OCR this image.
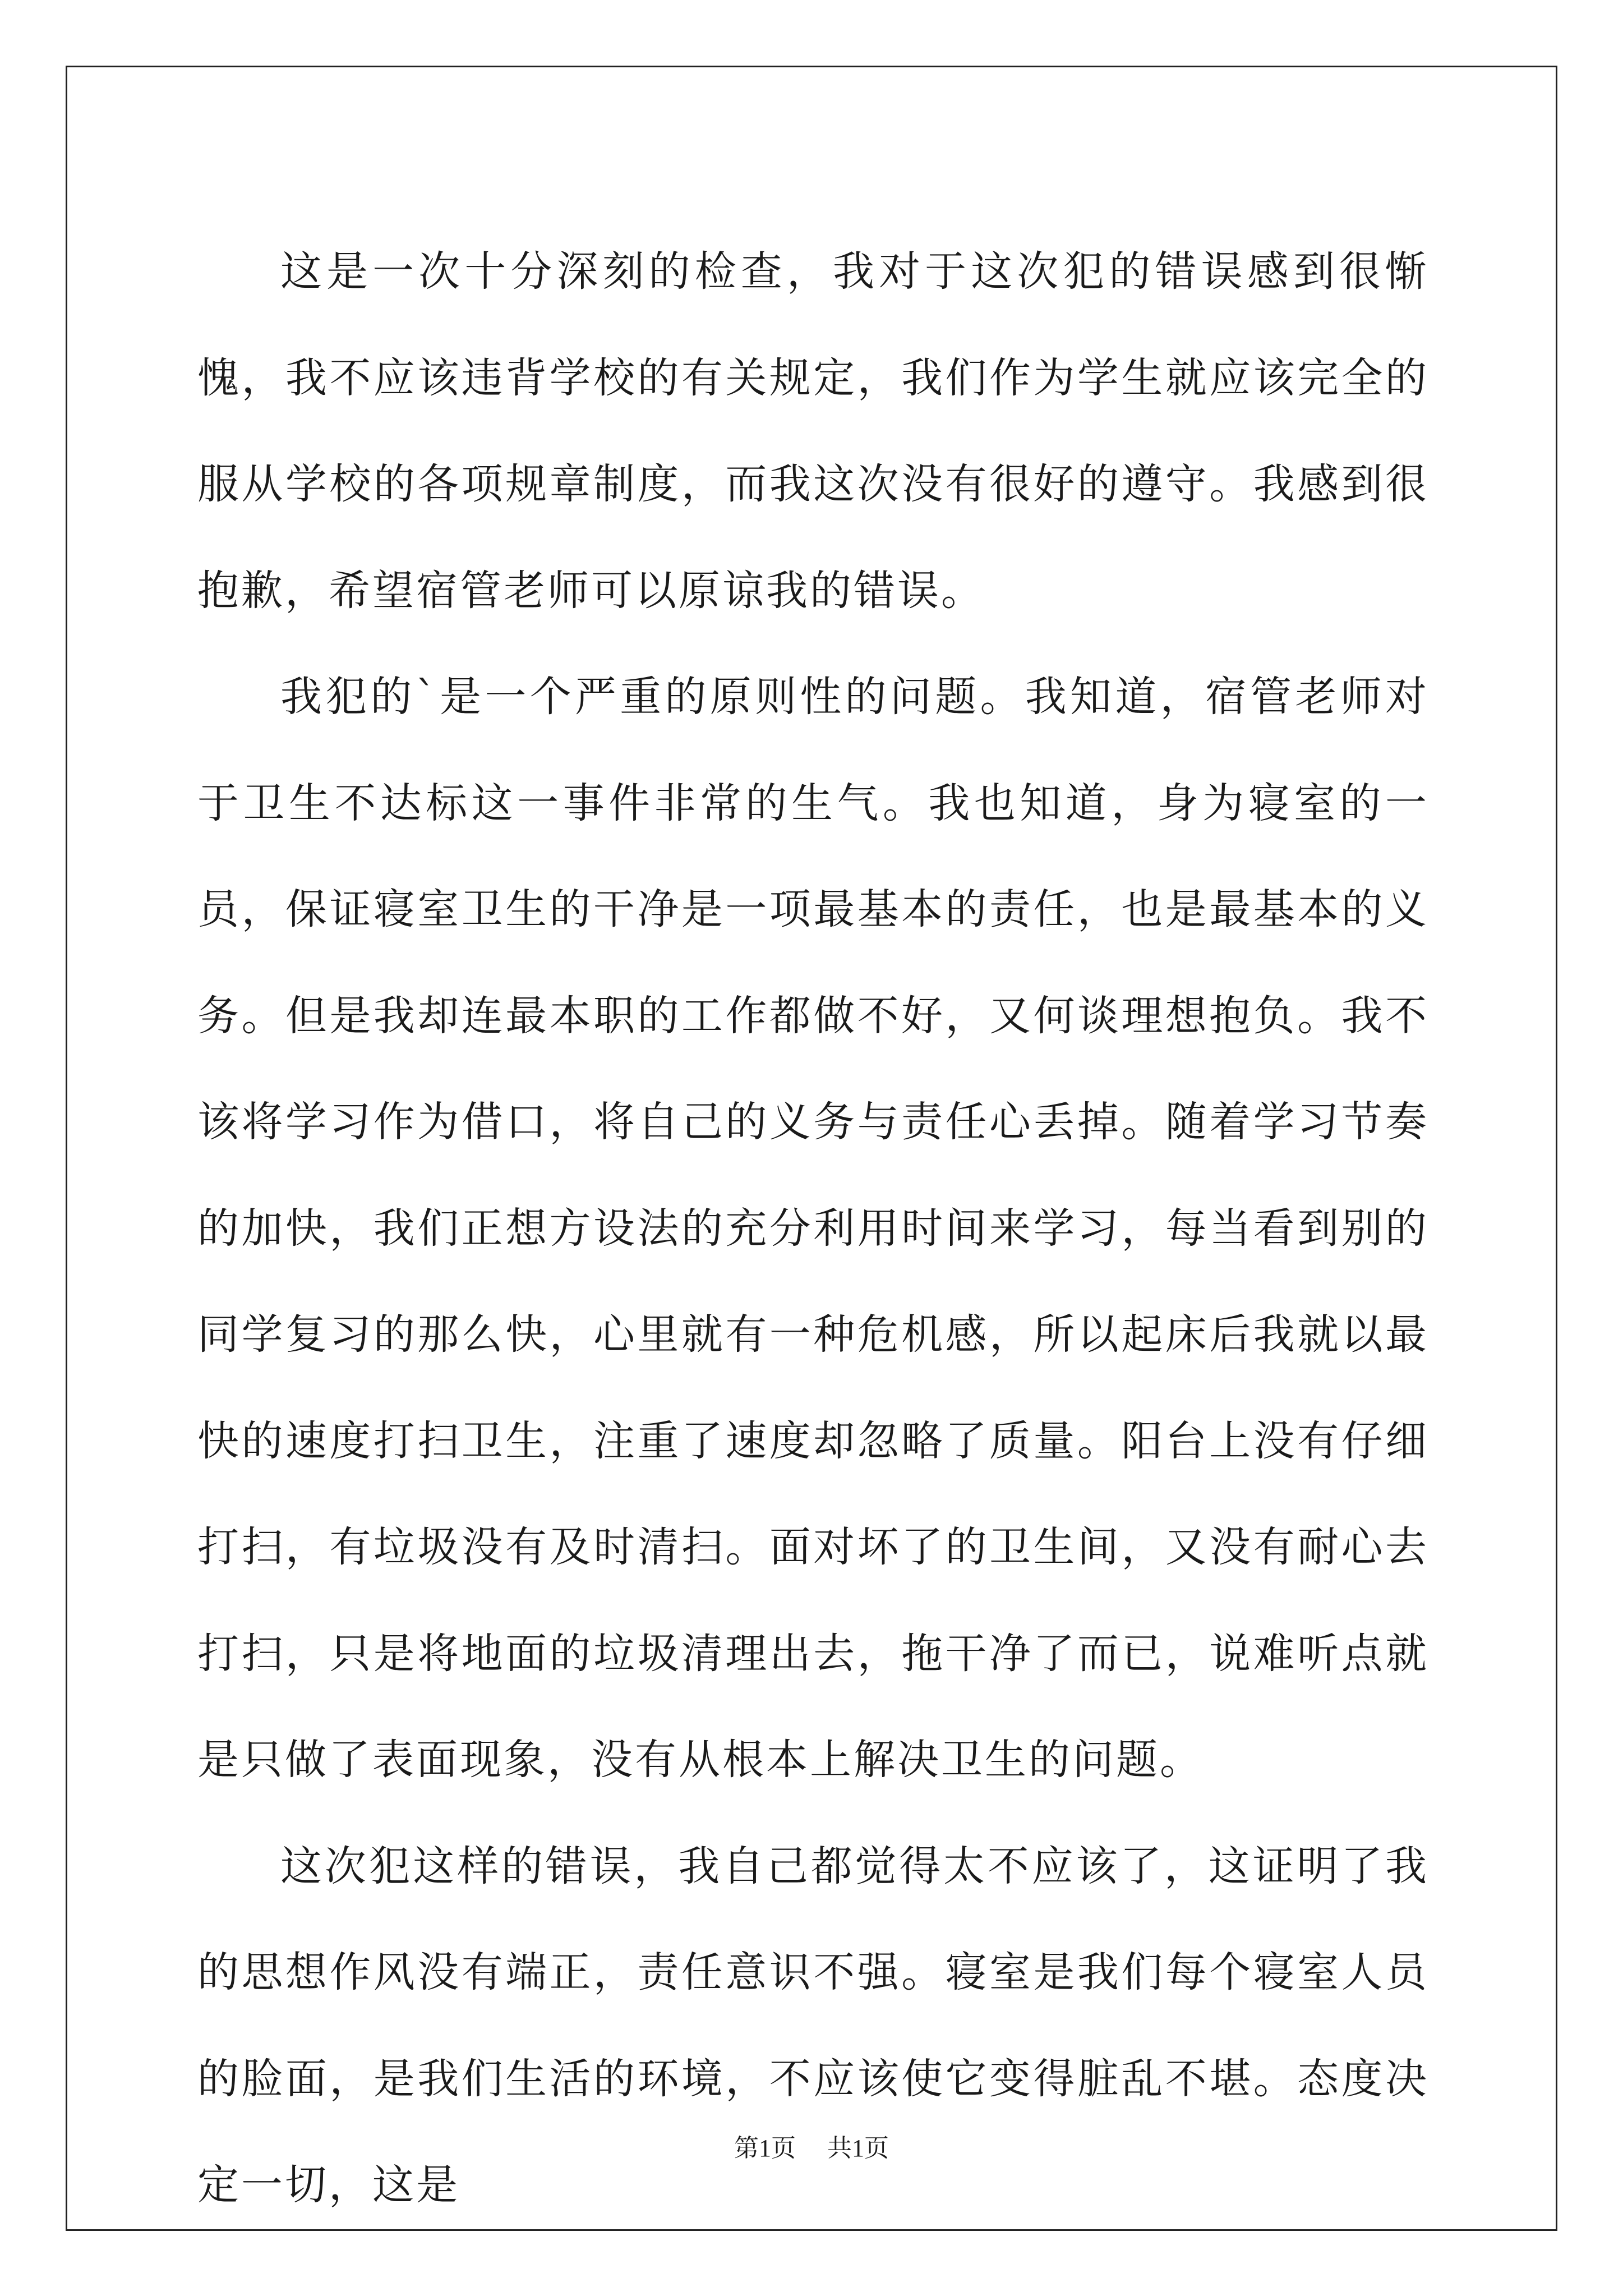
这是一次十分深刻的检查，我对于这次犯的错误感到很惭愧，我不应该违背学校的有关规定，我们作为学生就应该完全的服从学校的各项规章制度，而我这次没有很好的遵守。我感到很抱歉，希望宿管老师可以原谅我的错误。

我犯的`是一个严重的原则性的问题。我知道，宿管老师对于卫生不达标这一事件非常的生气。我也知道，身为寝室的一员，保证寝室卫生的干净是一项最基本的责任，也是最基本的义务。但是我却连最本职的工作都做不好，又何谈理想抱负。我不该将学习作为借口，将自己的义务与责任心丢掉。随着学习节奏的加快，我们正想方设法的充分利用时间来学习，每当看到别的同学复习的那么快，心里就有一种危机感，所以起床后我就以最快的速度打扫卫生，注重了速度却忽略了质量。阳台上没有仔细打扫，有垃圾没有及时清扫。面对坏了的卫生间，又没有耐心去打扫，只是将地面的垃圾清理出去，拖干净了而已，说难听点就是只做了表面现象，没有从根本上解决卫生的问题。

这次犯这样的错误，我自己都觉得太不应该了，这证明了我的思想作风没有端正，责任意识不强。寝室是我们每个寝室人员的脸面，是我们生活的环境，不应该使它变得脏乱不堪。态度决定一切，这是

第1页 共1页
